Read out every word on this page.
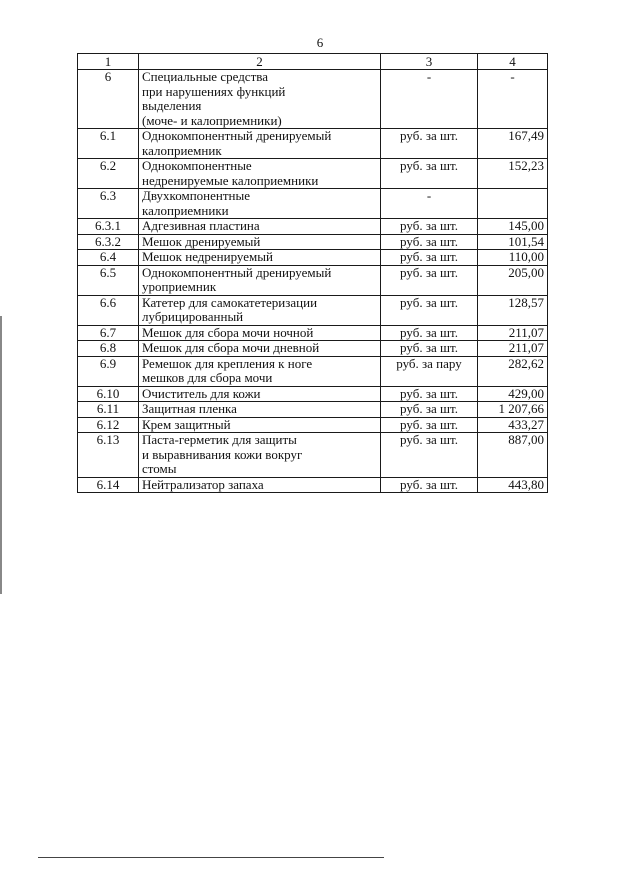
6
1	2	3	4
6	Специальные средства
при нарушениях функций
выделения
(моче- и калоприемники)	-	-
6.1	Однокомпонентный дренируемый
калоприемник	руб. за шт.	167,49
6.2	Однокомпонентные
недренируемые калоприемники	руб. за шт.	152,23
6.3	Двухкомпонентные
калоприемники	-	
6.3.1	Адгезивная пластина	руб. за шт.	145,00
6.3.2	Мешок дренируемый	руб. за шт.	101,54
6.4	Мешок недренируемый	руб. за шт.	110,00
6.5	Однокомпонентный дренируемый
уроприемник	руб. за шт.	205,00
6.6	Катетер для самокатетеризации
лубрицированный	руб. за шт.	128,57
6.7	Мешок для сбора мочи ночной	руб. за шт.	211,07
6.8	Мешок для сбора мочи дневной	руб. за шт.	211,07
6.9	Ремешок для крепления к ноге
мешков для сбора мочи	руб. за пару	282,62
6.10	Очиститель для кожи	руб. за шт.	429,00
6.11	Защитная пленка	руб. за шт.	1 207,66
6.12	Крем защитный	руб. за шт.	433,27
6.13	Паста-герметик для защиты
и выравнивания кожи вокруг
стомы	руб. за шт.	887,00
6.14	Нейтрализатор запаха	руб. за шт.	443,80
